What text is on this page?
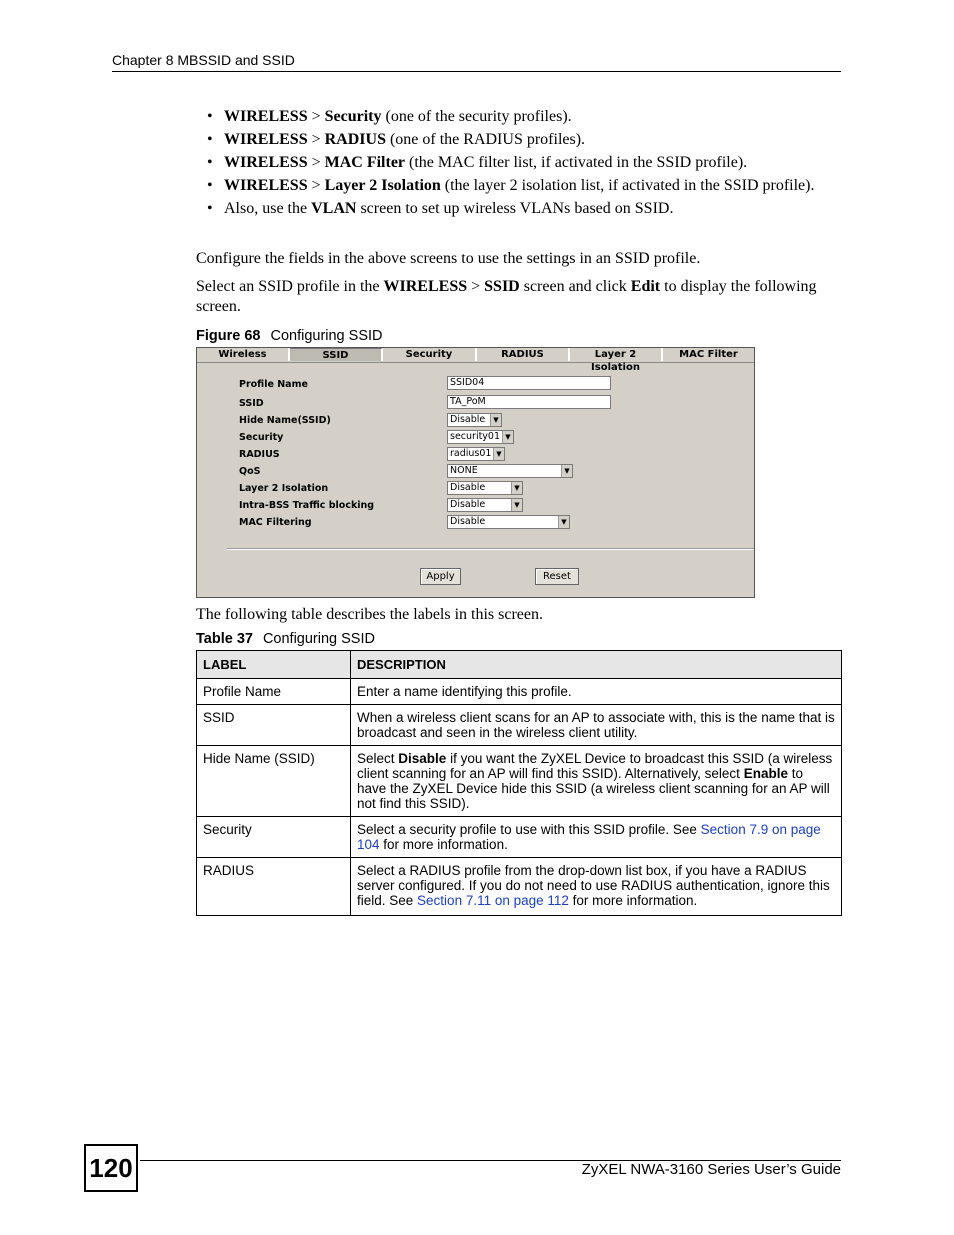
Chapter 8 MBSSID and SSID
• WIRELESS > Security (one of the security profiles).
• WIRELESS > RADIUS (one of the RADIUS profiles).
• WIRELESS > MAC Filter (the MAC filter list, if activated in the SSID profile).
• WIRELESS > Layer 2 Isolation (the layer 2 isolation list, if activated in the SSID profile).
• Also, use the VLAN screen to set up wireless VLANs based on SSID.

Configure the fields in the above screens to use the settings in an SSID profile.

Select an SSID profile in the WIRELESS > SSID screen and click Edit to display the following screen.

Figure 68 Configuring SSID
Wireless	SSID	Security	RADIUS	Layer 2 Isolation
MAC Filter
Profile Name	SSID04
SSID	TA_PoM
Hide Name(SSID)	Disable	▼
Security	security01 ▼
RADIUS	radius01 ▼
QoS	NONE	▼
Layer 2 Isolation	Disable	▼
Intra-BSS Traffic blocking	Disable	▼
MAC Filtering	Disable	▼
Apply	Reset

The following table describes the labels in this screen.

Table 37 Configuring SSID
LABEL	DESCRIPTION
Profile Name	Enter a name identifying this profile.
SSID	When a wireless client scans for an AP to associate with, this is the name that is broadcast and seen in the wireless client utility.
Hide Name (SSID)	Select Disable if you want the ZyXEL Device to broadcast this SSID (a wireless client scanning for an AP will find this SSID). Alternatively, select Enable to have the ZyXEL Device hide this SSID (a wireless client scanning for an AP will not find this SSID).
Security	Select a security profile to use with this SSID profile. See Section 7.9 on page 104 for more information.
RADIUS	Select a RADIUS profile from the drop-down list box, if you have a RADIUS server configured. If you do not need to use RADIUS authentication, ignore this field. See Section 7.11 on page 112 for more information.
120	ZyXEL NWA-3160 Series User’s Guide
